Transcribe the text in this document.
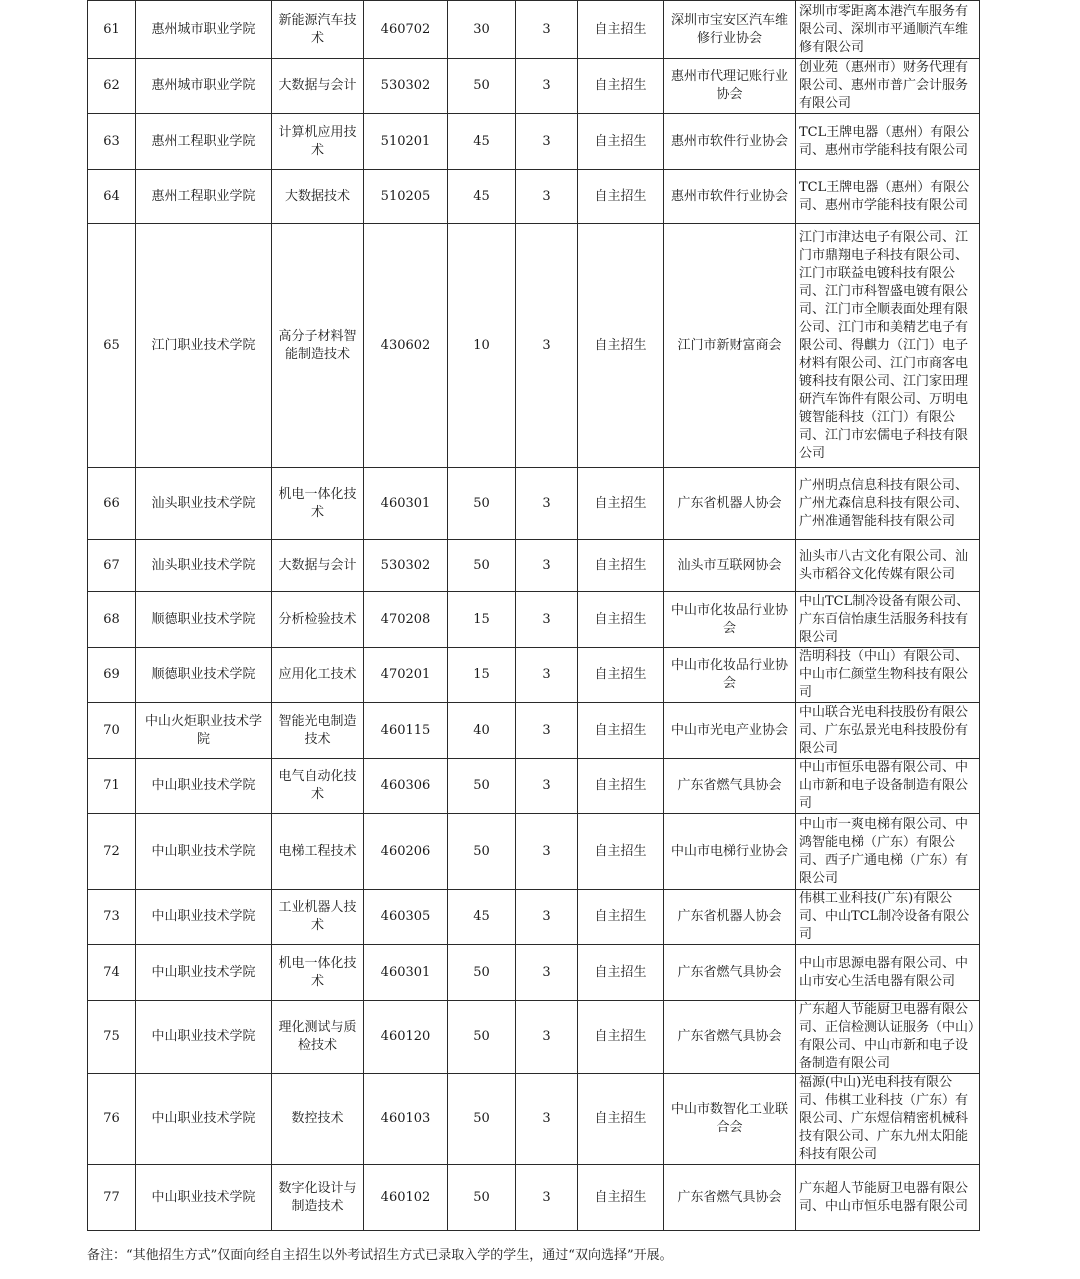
61	惠州城市职业学院	新能源汽车技术	460702	30	3	自主招生	深圳市宝安区汽车维修行业协会	深圳市零距离本港汽车服务有限公司、深圳市平通顺汽车维修有限公司
62	惠州城市职业学院	大数据与会计	530302	50	3	自主招生	惠州市代理记账行业协会	创业苑（惠州市）财务代理有限公司、惠州市普广会计服务有限公司
63	惠州工程职业学院	计算机应用技术	510201	45	3	自主招生	惠州市软件行业协会	TCL王牌电器（惠州）有限公司、惠州市学能科技有限公司
64	惠州工程职业学院	大数据技术	510205	45	3	自主招生	惠州市软件行业协会	TCL王牌电器（惠州）有限公司、惠州市学能科技有限公司
65	江门职业技术学院	高分子材料智能制造技术	430602	10	3	自主招生	江门市新财富商会	江门市津达电子有限公司、江门市鼎翔电子科技有限公司、江门市联益电镀科技有限公司、江门市科智盛电镀有限公司、江门市全顺表面处理有限公司、江门市和美精艺电子有限公司、得麒力（江门）电子材料有限公司、江门市商客电镀科技有限公司、江门家田理研汽车饰件有限公司、万明电镀智能科技（江门）有限公司、江门市宏儒电子科技有限公司
66	汕头职业技术学院	机电一体化技术	460301	50	3	自主招生	广东省机器人协会	广州明点信息科技有限公司、广州尤森信息科技有限公司、广州准通智能科技有限公司
67	汕头职业技术学院	大数据与会计	530302	50	3	自主招生	汕头市互联网协会	汕头市八古文化有限公司、汕头市稻谷文化传媒有限公司
68	顺德职业技术学院	分析检验技术	470208	15	3	自主招生	中山市化妆品行业协会	中山TCL制冷设备有限公司、广东百信怡康生活服务科技有限公司
69	顺德职业技术学院	应用化工技术	470201	15	3	自主招生	中山市化妆品行业协会	浩明科技（中山）有限公司、中山市仁颜堂生物科技有限公司
70	中山火炬职业技术学院	智能光电制造技术	460115	40	3	自主招生	中山市光电产业协会	中山联合光电科技股份有限公司、广东弘景光电科技股份有限公司
71	中山职业技术学院	电气自动化技术	460306	50	3	自主招生	广东省燃气具协会	中山市恒乐电器有限公司、中山市新和电子设备制造有限公司
72	中山职业技术学院	电梯工程技术	460206	50	3	自主招生	中山市电梯行业协会	中山市一爽电梯有限公司、中鸿智能电梯（广东）有限公司、西子广通电梯（广东）有限公司
73	中山职业技术学院	工业机器人技术	460305	45	3	自主招生	广东省机器人协会	伟棋工业科技(广东)有限公司、中山TCL制冷设备有限公司
74	中山职业技术学院	机电一体化技术	460301	50	3	自主招生	广东省燃气具协会	中山市思源电器有限公司、中山市安心生活电器有限公司
75	中山职业技术学院	理化测试与质检技术	460120	50	3	自主招生	广东省燃气具协会	广东超人节能厨卫电器有限公司、正信检测认证服务（中山）有限公司、中山市新和电子设备制造有限公司
76	中山职业技术学院	数控技术	460103	50	3	自主招生	中山市数智化工业联合会	福源(中山)光电科技有限公司、伟棋工业科技（广东）有限公司、广东煜信精密机械科技有限公司、广东九州太阳能科技有限公司
77	中山职业技术学院	数字化设计与制造技术	460102	50	3	自主招生	广东省燃气具协会	广东超人节能厨卫电器有限公司、中山市恒乐电器有限公司
备注：“其他招生方式”仅面向经自主招生以外考试招生方式已录取入学的学生，通过“双向选择”开展。
